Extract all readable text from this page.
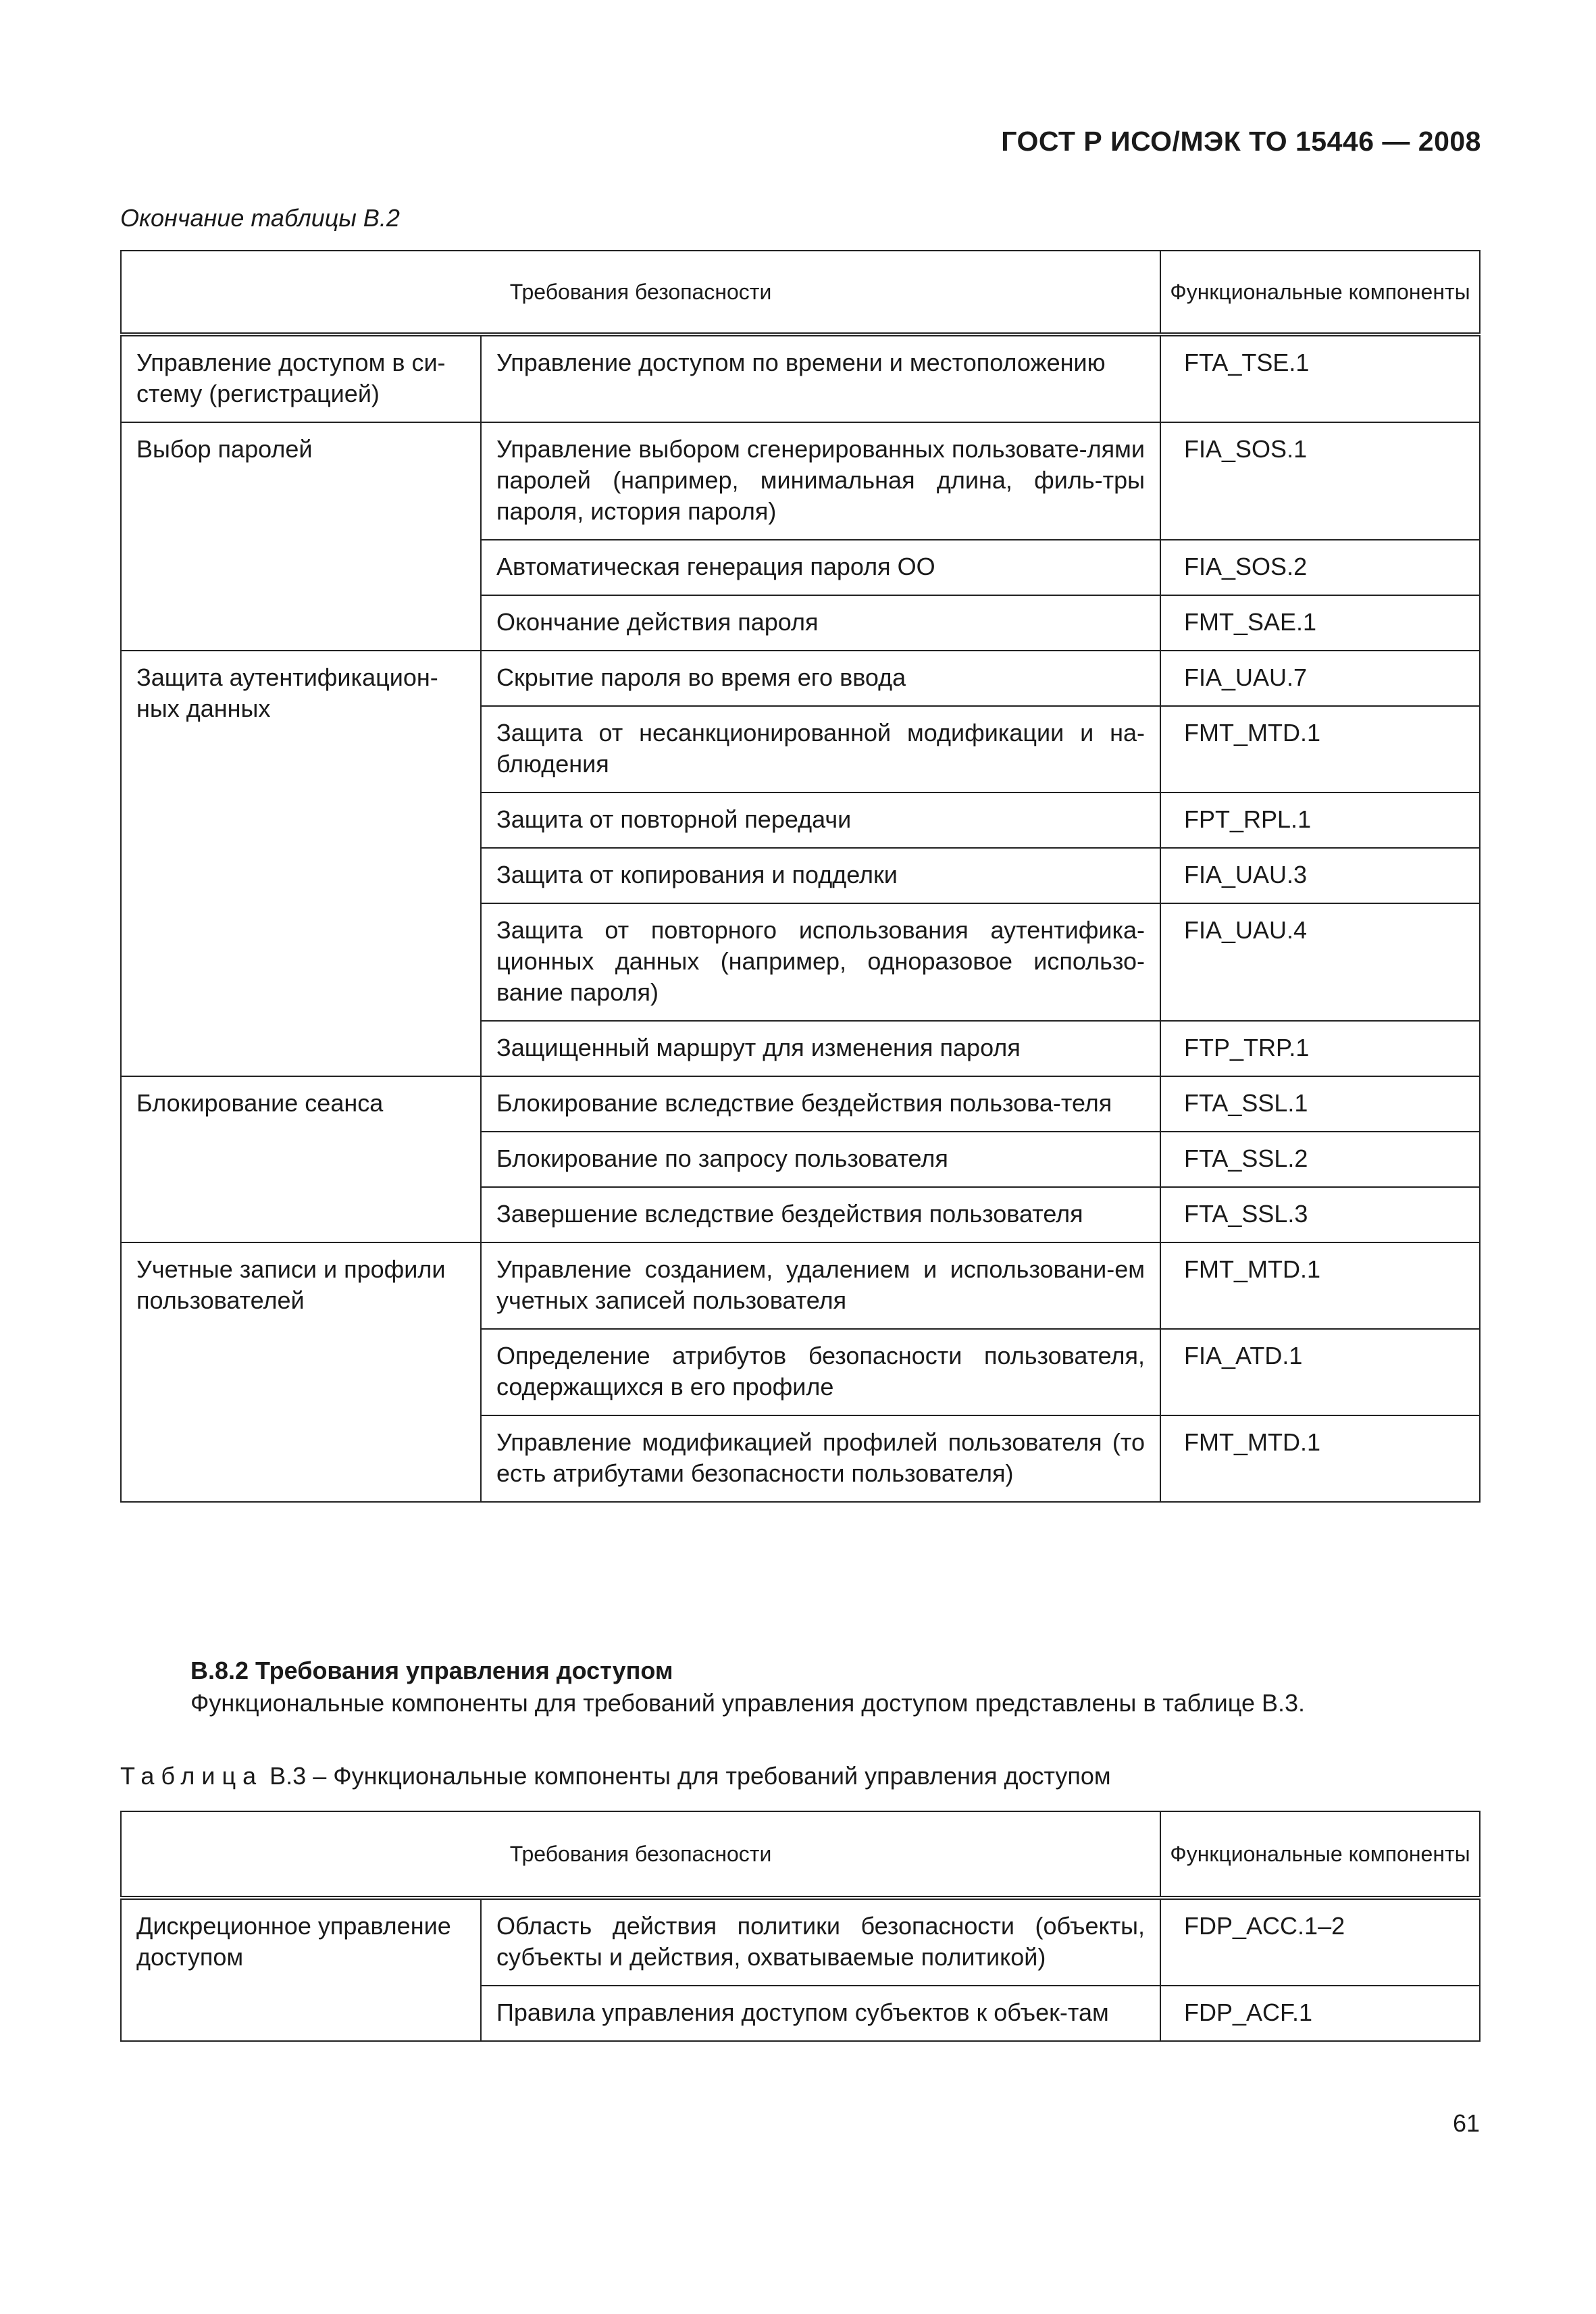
ГОСТ Р ИСО/МЭК ТО 15446 — 2008
Окончание таблицы В.2
Требования безопасности		Функциональные компоненты
Управление доступом в си-стему (регистрацией)	Управление доступом по времени и местоположению	FTA_TSE.1
Выбор паролей	Управление выбором сгенерированных пользовате-лями паролей (например, минимальная длина, филь-тры пароля, история пароля)	FIA_SOS.1
	Автоматическая генерация пароля ОО	FIA_SOS.2
	Окончание действия пароля	FMT_SAE.1
Защита аутентификацион-ных данных	Скрытие пароля во время его ввода	FIA_UAU.7
	Защита от несанкционированной модификации и на-блюдения	FMT_MTD.1
	Защита от повторной передачи	FPT_RPL.1
	Защита от копирования и подделки	FIA_UAU.3
	Защита от повторного использования аутентифика-ционных данных (например, одноразовое использо-вание пароля)	FIA_UAU.4
	Защищенный маршрут для изменения пароля	FTP_TRP.1
Блокирование сеанса	Блокирование вследствие бездействия пользова-теля	FTA_SSL.1
	Блокирование по запросу пользователя	FTA_SSL.2
	Завершение вследствие бездействия пользователя	FTA_SSL.3
Учетные записи и профили пользователей	Управление созданием, удалением и использовани-ем учетных записей пользователя	FMT_MTD.1
	Определение атрибутов безопасности пользователя, содержащихся в его профиле	FIA_ATD.1
	Управление модификацией профилей пользователя (то есть атрибутами безопасности пользователя)	FMT_MTD.1
В.8.2 Требования управления доступом
Функциональные компоненты для требований управления доступом представлены в таблице В.3.
Таблица В.3 – Функциональные компоненты для требований управления доступом
Требования безопасности		Функциональные компоненты
Дискреционное управление доступом	Область действия политики безопасности (объекты, субъекты и действия, охватываемые политикой)	FDP_ACC.1–2
	Правила управления доступом субъектов к объек-там	FDP_ACF.1
61
